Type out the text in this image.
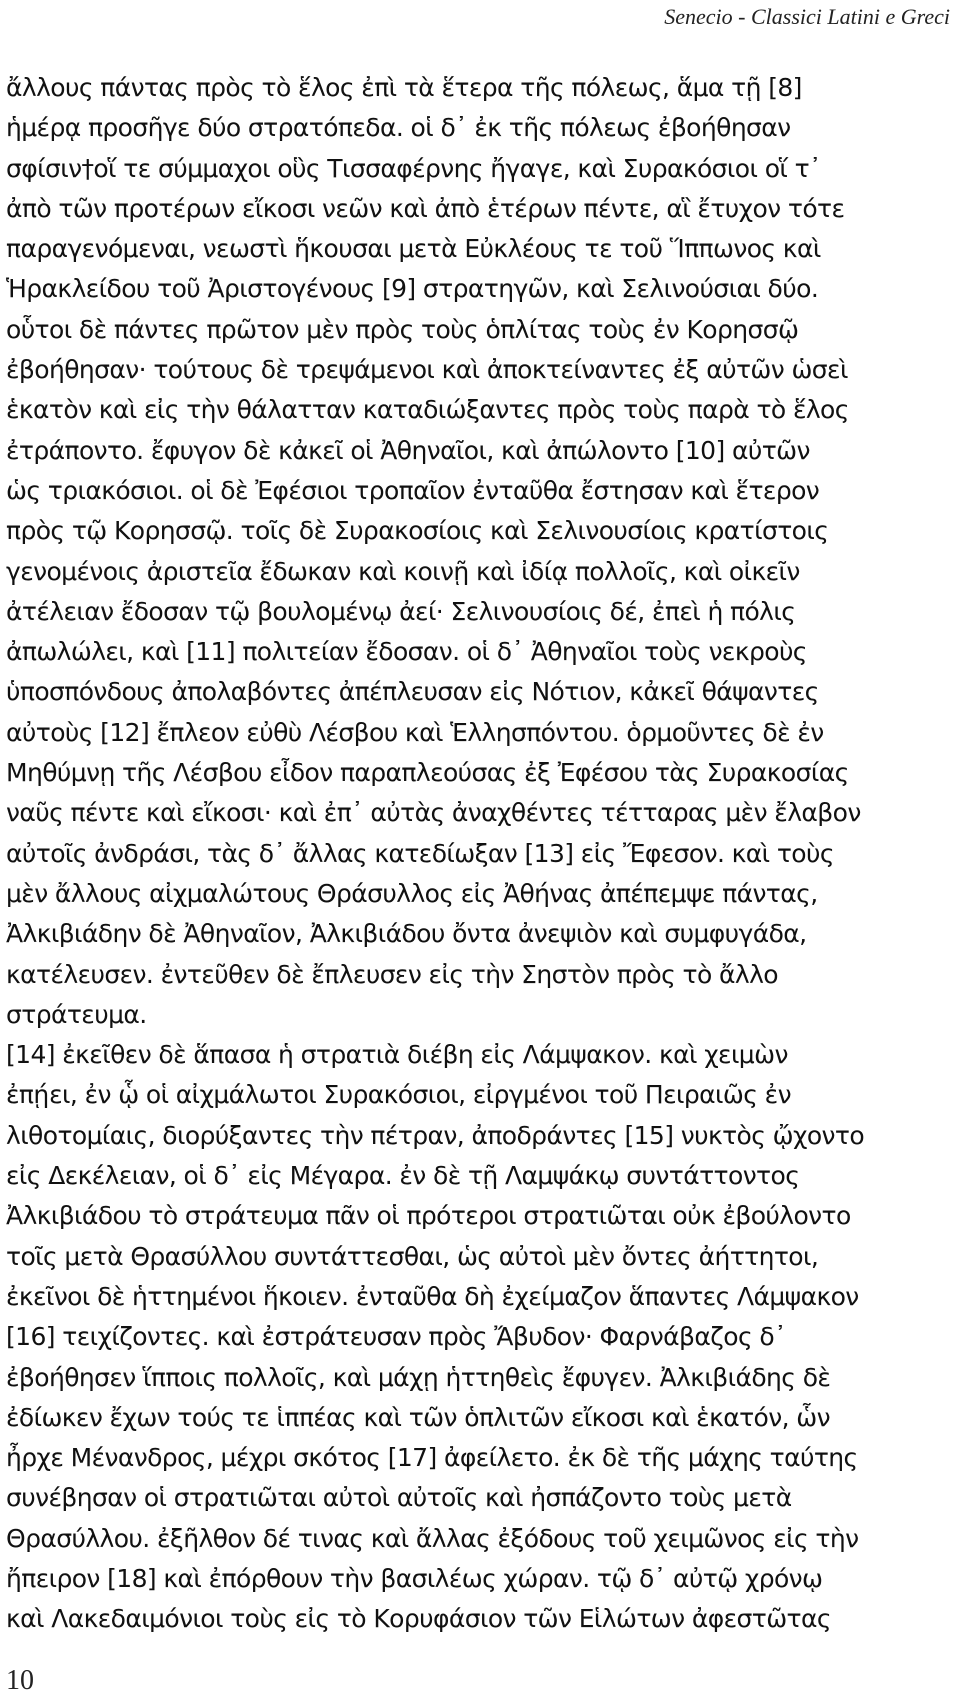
Senecio - Classici Latini e Greci
ἄλλους πάντας πρὸς τὸ ἕλος ἐπὶ τὰ ἕτερα τῆς πόλεως, ἅμα τῇ [8]
ἡμέρᾳ προσῆγε δύο στρατόπεδα. οἱ δ᾽ ἐκ τῆς πόλεως ἐβοήθησαν
σφίσιν†οἵ τε σύμμαχοι οὓς Τισσαφέρνης ἤγαγε, καὶ Συρακόσιοι οἵ τ᾽
ἀπὸ τῶν προτέρων εἴκοσι νεῶν καὶ ἀπὸ ἑτέρων πέντε, αἳ ἔτυχον τότε
παραγενόμεναι, νεωστὶ ἥκουσαι μετὰ Εὐκλέους τε τοῦ Ἵππωνος καὶ
Ἡρακλείδου τοῦ Ἀριστογένους [9] στρατηγῶν, καὶ Σελινούσιαι δύο.
οὗτοι δὲ πάντες πρῶτον μὲν πρὸς τοὺς ὁπλίτας τοὺς ἐν Κορησσῷ
ἐβοήθησαν· τούτους δὲ τρεψάμενοι καὶ ἀποκτείναντες ἐξ αὐτῶν ὡσεὶ
ἑκατὸν καὶ εἰς τὴν θάλατταν καταδιώξαντες πρὸς τοὺς παρὰ τὸ ἕλος
ἐτράποντο. ἔφυγον δὲ κἀκεῖ οἱ Ἀθηναῖοι, καὶ ἀπώλοντο [10] αὐτῶν
ὡς τριακόσιοι. οἱ δὲ Ἐφέσιοι τροπαῖον ἐνταῦθα ἔστησαν καὶ ἕτερον
πρὸς τῷ Κορησσῷ. τοῖς δὲ Συρακοσίοις καὶ Σελινουσίοις κρατίστοις
γενομένοις ἀριστεῖα ἔδωκαν καὶ κοινῇ καὶ ἰδίᾳ πολλοῖς, καὶ οἰκεῖν
ἀτέλειαν ἔδοσαν τῷ βουλομένῳ ἀεί· Σελινουσίοις δέ, ἐπεὶ ἡ πόλις
ἀπωλώλει, καὶ [11] πολιτείαν ἔδοσαν. οἱ δ᾽ Ἀθηναῖοι τοὺς νεκροὺς
ὑποσπόνδους ἀπολαβόντες ἀπέπλευσαν εἰς Νότιον, κἀκεῖ θάψαντες
αὐτοὺς [12] ἔπλεον εὐθὺ Λέσβου καὶ Ἑλλησπόντου. ὁρμοῦντες δὲ ἐν
Μηθύμνῃ τῆς Λέσβου εἶδον παραπλεούσας ἐξ Ἐφέσου τὰς Συρακοσίας
ναῦς πέντε καὶ εἴκοσι· καὶ ἐπ᾽ αὐτὰς ἀναχθέντες τέτταρας μὲν ἔλαβον
αὐτοῖς ἀνδράσι, τὰς δ᾽ ἄλλας κατεδίωξαν [13] εἰς Ἔφεσον. καὶ τοὺς
μὲν ἄλλους αἰχμαλώτους Θράσυλλος εἰς Ἀθήνας ἀπέπεμψε πάντας,
Ἀλκιβιάδην δὲ Ἀθηναῖον, Ἀλκιβιάδου ὄντα ἀνεψιὸν καὶ συμφυγάδα,
κατέλευσεν. ἐντεῦθεν δὲ ἔπλευσεν εἰς τὴν Σηστὸν πρὸς τὸ ἄλλο
στράτευμα.
[14] ἐκεῖθεν δὲ ἅπασα ἡ στρατιὰ διέβη εἰς Λάμψακον. καὶ χειμὼν
ἐπῄει, ἐν ᾧ οἱ αἰχμάλωτοι Συρακόσιοι, εἰργμένοι τοῦ Πειραιῶς ἐν
λιθοτομίαις, διορύξαντες τὴν πέτραν, ἀποδράντες [15] νυκτὸς ᾤχοντο
εἰς Δεκέλειαν, οἱ δ᾽ εἰς Μέγαρα. ἐν δὲ τῇ Λαμψάκῳ συντάττοντος
Ἀλκιβιάδου τὸ στράτευμα πᾶν οἱ πρότεροι στρατιῶται οὐκ ἐβούλοντο
τοῖς μετὰ Θρασύλλου συντάττεσθαι, ὡς αὐτοὶ μὲν ὄντες ἀήττητοι,
ἐκεῖνοι δὲ ἡττημένοι ἥκοιεν. ἐνταῦθα δὴ ἐχείμαζον ἅπαντες Λάμψακον
[16] τειχίζοντες. καὶ ἐστράτευσαν πρὸς Ἄβυδον· Φαρνάβαζος δ᾽
ἐβοήθησεν ἵπποις πολλοῖς, καὶ μάχῃ ἡττηθεὶς ἔφυγεν. Ἀλκιβιάδης δὲ
ἐδίωκεν ἔχων τούς τε ἱππέας καὶ τῶν ὁπλιτῶν εἴκοσι καὶ ἑκατόν, ὧν
ἦρχε Μένανδρος, μέχρι σκότος [17] ἀφείλετο. ἐκ δὲ τῆς μάχης ταύτης
συνέβησαν οἱ στρατιῶται αὐτοὶ αὐτοῖς καὶ ἠσπάζοντο τοὺς μετὰ
Θρασύλλου. ἐξῆλθον δέ τινας καὶ ἄλλας ἐξόδους τοῦ χειμῶνος εἰς τὴν
ἤπειρον [18] καὶ ἐπόρθουν τὴν βασιλέως χώραν. τῷ δ᾽ αὐτῷ χρόνῳ
καὶ Λακεδαιμόνιοι τοὺς εἰς τὸ Κορυφάσιον τῶν Εἱλώτων ἀφεστῶτας
10
